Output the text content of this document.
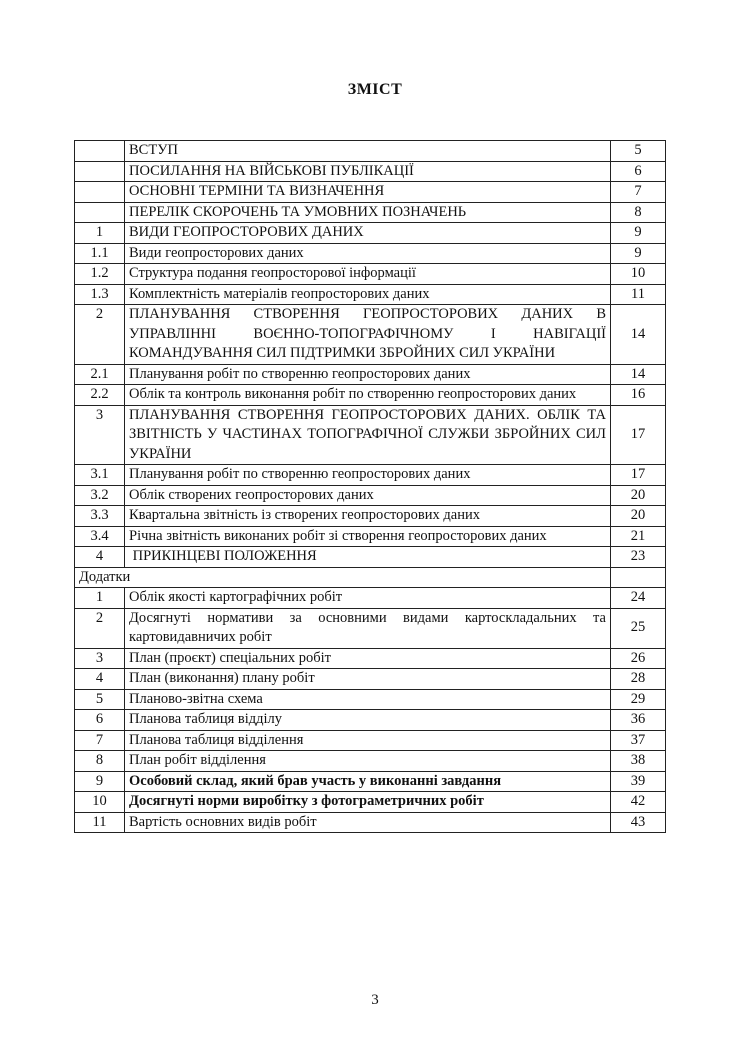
ЗМІСТ
	ВСТУП	5
	ПОСИЛАННЯ НА ВІЙСЬКОВІ ПУБЛІКАЦІЇ	6
	ОСНОВНІ ТЕРМІНИ ТА ВИЗНАЧЕННЯ	7
	ПЕРЕЛІК СКОРОЧЕНЬ ТА УМОВНИХ ПОЗНАЧЕНЬ	8
1	ВИДИ ГЕОПРОСТОРОВИХ ДАНИХ	9
1.1	Види геопросторових даних	9
1.2	Структура подання геопросторової інформації	10
1.3	Комплектність матеріалів геопросторових даних	11
2	ПЛАНУВАННЯ СТВОРЕННЯ ГЕОПРОСТОРОВИХ ДАНИХ В УПРАВЛІННІ ВОЄННО-ТОПОГРАФІЧНОМУ І НАВІГАЦІЇ КОМАНДУВАННЯ СИЛ ПІДТРИМКИ ЗБРОЙНИХ СИЛ УКРАЇНИ	14
2.1	Планування робіт по створенню геопросторових даних	14
2.2	Облік та контроль виконання робіт по створенню геопросторових даних	16
3	ПЛАНУВАННЯ СТВОРЕННЯ ГЕОПРОСТОРОВИХ ДАНИХ. ОБЛІК ТА ЗВІТНІСТЬ У ЧАСТИНАХ ТОПОГРАФІЧНОЇ СЛУЖБИ ЗБРОЙНИХ СИЛ УКРАЇНИ	17
3.1	Планування робіт по створенню геопросторових даних	17
3.2	Облік створених геопросторових даних	20
3.3	Квартальна звітність із створених геопросторових даних	20
3.4	Річна звітність виконаних робіт зі створення геопросторових даних	21
4	ПРИКІНЦЕВІ ПОЛОЖЕННЯ	23
Додатки		
1	Облік якості картографічних робіт	24
2	Досягнуті нормативи за основними видами картоскладальних та картовидавничих робіт	25
3	План (проєкт) спеціальних робіт	26
4	План (виконання) плану робіт	28
5	Планово-звітна схема	29
6	Планова таблиця відділу	36
7	Планова таблиця відділення	37
8	План робіт відділення	38
9	Особовий склад, який брав участь у виконанні завдання	39
10	Досягнуті норми виробітку з фотограметричних робіт	42
11	Вартість основних видів робіт	43
3
